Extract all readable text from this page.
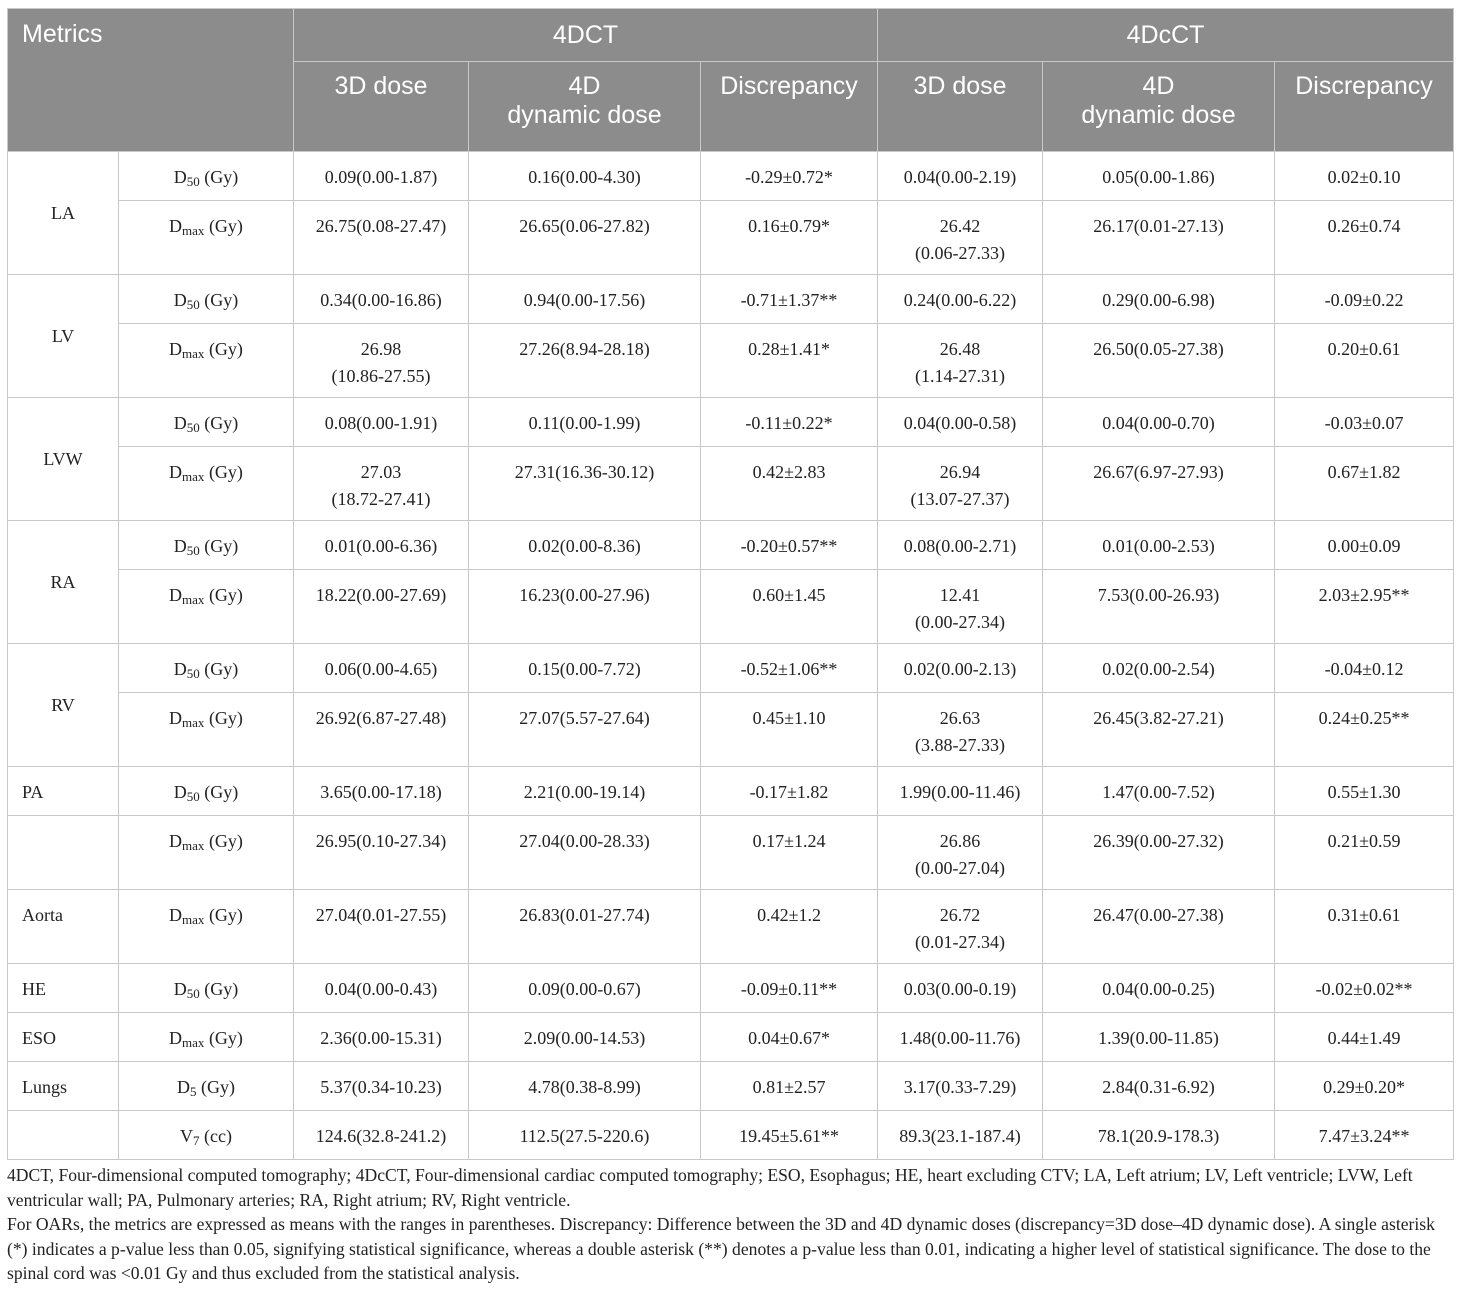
Metrics		4DCT			4DcCT		
		3D dose	4D
dynamic dose	Discrepancy	3D dose	4D
dynamic dose	Discrepancy
LA	$D_{50}$ (Gy)	0.09(0.00-1.87)	0.16(0.00-4.30)	-0.29±0.72*	0.04(0.00-2.19)	0.05(0.00-1.86)	0.02±0.10
	$D_{max}$ (Gy)	26.75(0.08-27.47)	26.65(0.06-27.82)	0.16±0.79*	26.42
(0.06-27.33)	26.17(0.01-27.13)	0.26±0.74
LV	$D_{50}$ (Gy)	0.34(0.00-16.86)	0.94(0.00-17.56)	-0.71±1.37**	0.24(0.00-6.22)	0.29(0.00-6.98)	-0.09±0.22
	$D_{max}$ (Gy)	26.98
(10.86-27.55)	27.26(8.94-28.18)	0.28±1.41*	26.48
(1.14-27.31)	26.50(0.05-27.38)	0.20±0.61
LVW	$D_{50}$ (Gy)	0.08(0.00-1.91)	0.11(0.00-1.99)	-0.11±0.22*	0.04(0.00-0.58)	0.04(0.00-0.70)	-0.03±0.07
	$D_{max}$ (Gy)	27.03
(18.72-27.41)	27.31(16.36-30.12)	0.42±2.83	26.94
(13.07-27.37)	26.67(6.97-27.93)	0.67±1.82
RA	$D_{50}$ (Gy)	0.01(0.00-6.36)	0.02(0.00-8.36)	-0.20±0.57**	0.08(0.00-2.71)	0.01(0.00-2.53)	0.00±0.09
	$D_{max}$ (Gy)	18.22(0.00-27.69)	16.23(0.00-27.96)	0.60±1.45	12.41
(0.00-27.34)	7.53(0.00-26.93)	2.03±2.95**
RV	$D_{50}$ (Gy)	0.06(0.00-4.65)	0.15(0.00-7.72)	-0.52±1.06**	0.02(0.00-2.13)	0.02(0.00-2.54)	-0.04±0.12
	$D_{max}$ (Gy)	26.92(6.87-27.48)	27.07(5.57-27.64)	0.45±1.10	26.63
(3.88-27.33)	26.45(3.82-27.21)	0.24±0.25**
PA	$D_{50}$ (Gy)	3.65(0.00-17.18)	2.21(0.00-19.14)	-0.17±1.82	1.99(0.00-11.46)	1.47(0.00-7.52)	0.55±1.30
	$D_{max}$ (Gy)	26.95(0.10-27.34)	27.04(0.00-28.33)	0.17±1.24	26.86
(0.00-27.04)	26.39(0.00-27.32)	0.21±0.59
Aorta	$D_{max}$ (Gy)	27.04(0.01-27.55)	26.83(0.01-27.74)	0.42±1.2	26.72
(0.01-27.34)	26.47(0.00-27.38)	0.31±0.61
HE	$D_{50}$ (Gy)	0.04(0.00-0.43)	0.09(0.00-0.67)	-0.09±0.11**	0.03(0.00-0.19)	0.04(0.00-0.25)	-0.02±0.02**
ESO	$D_{max}$ (Gy)	2.36(0.00-15.31)	2.09(0.00-14.53)	0.04±0.67*	1.48(0.00-11.76)	1.39(0.00-11.85)	0.44±1.49
Lungs	$D_5$ (Gy)	5.37(0.34-10.23)	4.78(0.38-8.99)	0.81±2.57	3.17(0.33-7.29)	2.84(0.31-6.92)	0.29±0.20*
	$V_7$ (cc)	124.6(32.8-241.2)	112.5(27.5-220.6)	19.45±5.61**	89.3(23.1-187.4)	78.1(20.9-178.3)	7.47±3.24**

4DCT, Four-dimensional computed tomography; 4DcCT, Four-dimensional cardiac computed tomography; ESO, Esophagus; HE, heart excluding CTV; LA, Left atrium; LV, Left ventricle; LVW, Left ventricular wall; PA, Pulmonary arteries; RA, Right atrium; RV, Right ventricle.

For OARs, the metrics are expressed as means with the ranges in parentheses. Discrepancy: Difference between the 3D and 4D dynamic doses (discrepancy=3D dose–4D dynamic dose). A single asterisk (*) indicates a p-value less than 0.05, signifying statistical significance, whereas a double asterisk (**) denotes a p-value less than 0.01, indicating a higher level of statistical significance. The dose to the spinal cord was <0.01 Gy and thus excluded from the statistical analysis.
